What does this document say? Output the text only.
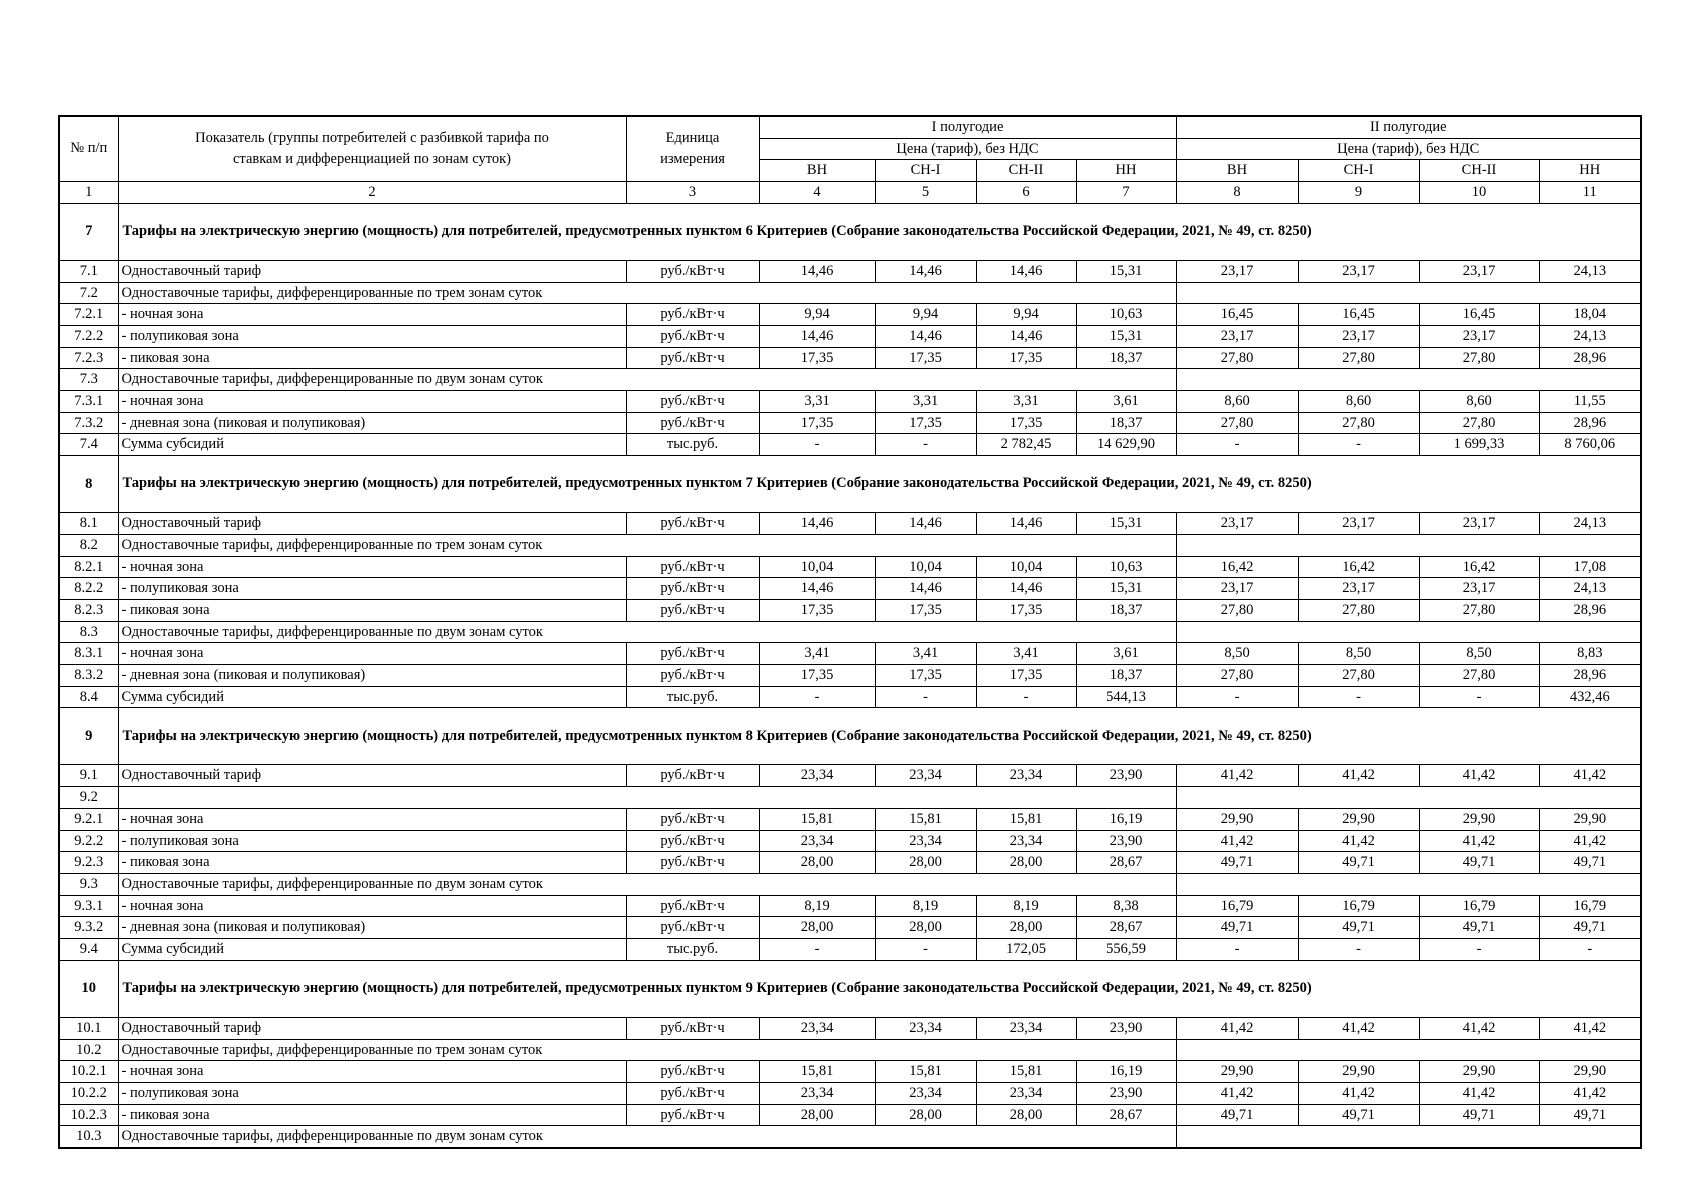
№ п/п	Показатель (группы потребителей с разбивкой тарифа по ставкам и дифференциацией по зонам суток)	Единица измерения	I полугодие				II полугодие			
			Цена (тариф), без НДС				Цена (тариф), без НДС			
			ВН	СН-I	СН-II	НН	ВН	СН-I	СН-II	НН
1	2	3	4	5	6	7	8	9	10	11
7	Тарифы на электрическую энергию (мощность) для потребителей, предусмотренных пунктом 6 Критериев (Собрание законодательства Российской Федерации, 2021, № 49, ст. 8250)									
7.1	Одноставочный тариф	руб./кВт·ч	14,46	14,46	14,46	15,31	23,17	23,17	23,17	24,13
7.2	Одноставочные тарифы, дифференцированные по трем зонам суток									
7.2.1	- ночная зона	руб./кВт·ч	9,94	9,94	9,94	10,63	16,45	16,45	16,45	18,04
7.2.2	- полупиковая зона	руб./кВт·ч	14,46	14,46	14,46	15,31	23,17	23,17	23,17	24,13
7.2.3	- пиковая зона	руб./кВт·ч	17,35	17,35	17,35	18,37	27,80	27,80	27,80	28,96
7.3	Одноставочные тарифы, дифференцированные по двум зонам суток									
7.3.1	- ночная зона	руб./кВт·ч	3,31	3,31	3,31	3,61	8,60	8,60	8,60	11,55
7.3.2	- дневная зона (пиковая и полупиковая)	руб./кВт·ч	17,35	17,35	17,35	18,37	27,80	27,80	27,80	28,96
7.4	Сумма субсидий	тыс.руб.	-	-	2 782,45	14 629,90	-	-	1 699,33	8 760,06
8	Тарифы на электрическую энергию (мощность) для потребителей, предусмотренных пунктом 7 Критериев (Собрание законодательства Российской Федерации, 2021, № 49, ст. 8250)									
8.1	Одноставочный тариф	руб./кВт·ч	14,46	14,46	14,46	15,31	23,17	23,17	23,17	24,13
8.2	Одноставочные тарифы, дифференцированные по трем зонам суток									
8.2.1	- ночная зона	руб./кВт·ч	10,04	10,04	10,04	10,63	16,42	16,42	16,42	17,08
8.2.2	- полупиковая зона	руб./кВт·ч	14,46	14,46	14,46	15,31	23,17	23,17	23,17	24,13
8.2.3	- пиковая зона	руб./кВт·ч	17,35	17,35	17,35	18,37	27,80	27,80	27,80	28,96
8.3	Одноставочные тарифы, дифференцированные по двум зонам суток									
8.3.1	- ночная зона	руб./кВт·ч	3,41	3,41	3,41	3,61	8,50	8,50	8,50	8,83
8.3.2	- дневная зона (пиковая и полупиковая)	руб./кВт·ч	17,35	17,35	17,35	18,37	27,80	27,80	27,80	28,96
8.4	Сумма субсидий	тыс.руб.	-	-	-	544,13	-	-	-	432,46
9	Тарифы на электрическую энергию (мощность) для потребителей, предусмотренных пунктом 8 Критериев (Собрание законодательства Российской Федерации, 2021, № 49, ст. 8250)									
9.1	Одноставочный тариф	руб./кВт·ч	23,34	23,34	23,34	23,90	41,42	41,42	41,42	41,42
9.2										
9.2.1	- ночная зона	руб./кВт·ч	15,81	15,81	15,81	16,19	29,90	29,90	29,90	29,90
9.2.2	- полупиковая зона	руб./кВт·ч	23,34	23,34	23,34	23,90	41,42	41,42	41,42	41,42
9.2.3	- пиковая зона	руб./кВт·ч	28,00	28,00	28,00	28,67	49,71	49,71	49,71	49,71
9.3	Одноставочные тарифы, дифференцированные по двум зонам суток									
9.3.1	- ночная зона	руб./кВт·ч	8,19	8,19	8,19	8,38	16,79	16,79	16,79	16,79
9.3.2	- дневная зона (пиковая и полупиковая)	руб./кВт·ч	28,00	28,00	28,00	28,67	49,71	49,71	49,71	49,71
9.4	Сумма субсидий	тыс.руб.	-	-	172,05	556,59	-	-	-	-
10	Тарифы на электрическую энергию (мощность) для потребителей, предусмотренных пунктом 9 Критериев (Собрание законодательства Российской Федерации, 2021, № 49, ст. 8250)									
10.1	Одноставочный тариф	руб./кВт·ч	23,34	23,34	23,34	23,90	41,42	41,42	41,42	41,42
10.2	Одноставочные тарифы, дифференцированные по трем зонам суток									
10.2.1	- ночная зона	руб./кВт·ч	15,81	15,81	15,81	16,19	29,90	29,90	29,90	29,90
10.2.2	- полупиковая зона	руб./кВт·ч	23,34	23,34	23,34	23,90	41,42	41,42	41,42	41,42
10.2.3	- пиковая зона	руб./кВт·ч	28,00	28,00	28,00	28,67	49,71	49,71	49,71	49,71
10.3	Одноставочные тарифы, дифференцированные по двум зонам суток									
